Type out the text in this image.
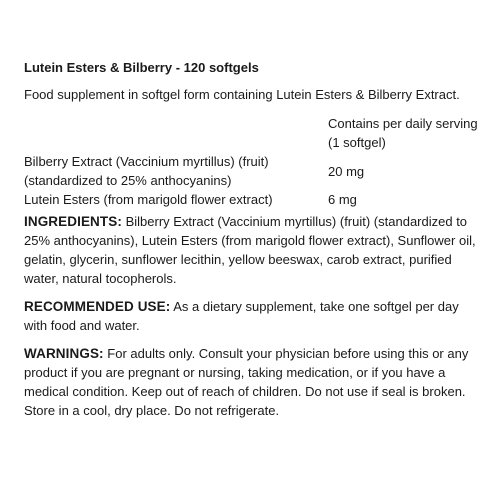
Lutein Esters & Bilberry - 120 softgels
Food supplement in softgel form containing Lutein Esters & Bilberry Extract.
Contains per daily serving (1 softgel)
Bilberry Extract (Vaccinium myrtillus) (fruit) (standardized to 25% anthocyanins)
20 mg
Lutein Esters (from marigold flower extract)	6 mg
INGREDIENTS: Bilberry Extract (Vaccinium myrtillus) (fruit) (standardized to 25% anthocyanins), Lutein Esters (from marigold flower extract), Sunflower oil, gelatin, glycerin, sunflower lecithin, yellow beeswax, carob extract, purified water, natural tocopherols.
RECOMMENDED USE: As a dietary supplement, take one softgel per day with food and water.
WARNINGS: For adults only. Consult your physician before using this or any product if you are pregnant or nursing, taking medication, or if you have a medical condition. Keep out of reach of children. Do not use if seal is broken. Store in a cool, dry place. Do not refrigerate.
